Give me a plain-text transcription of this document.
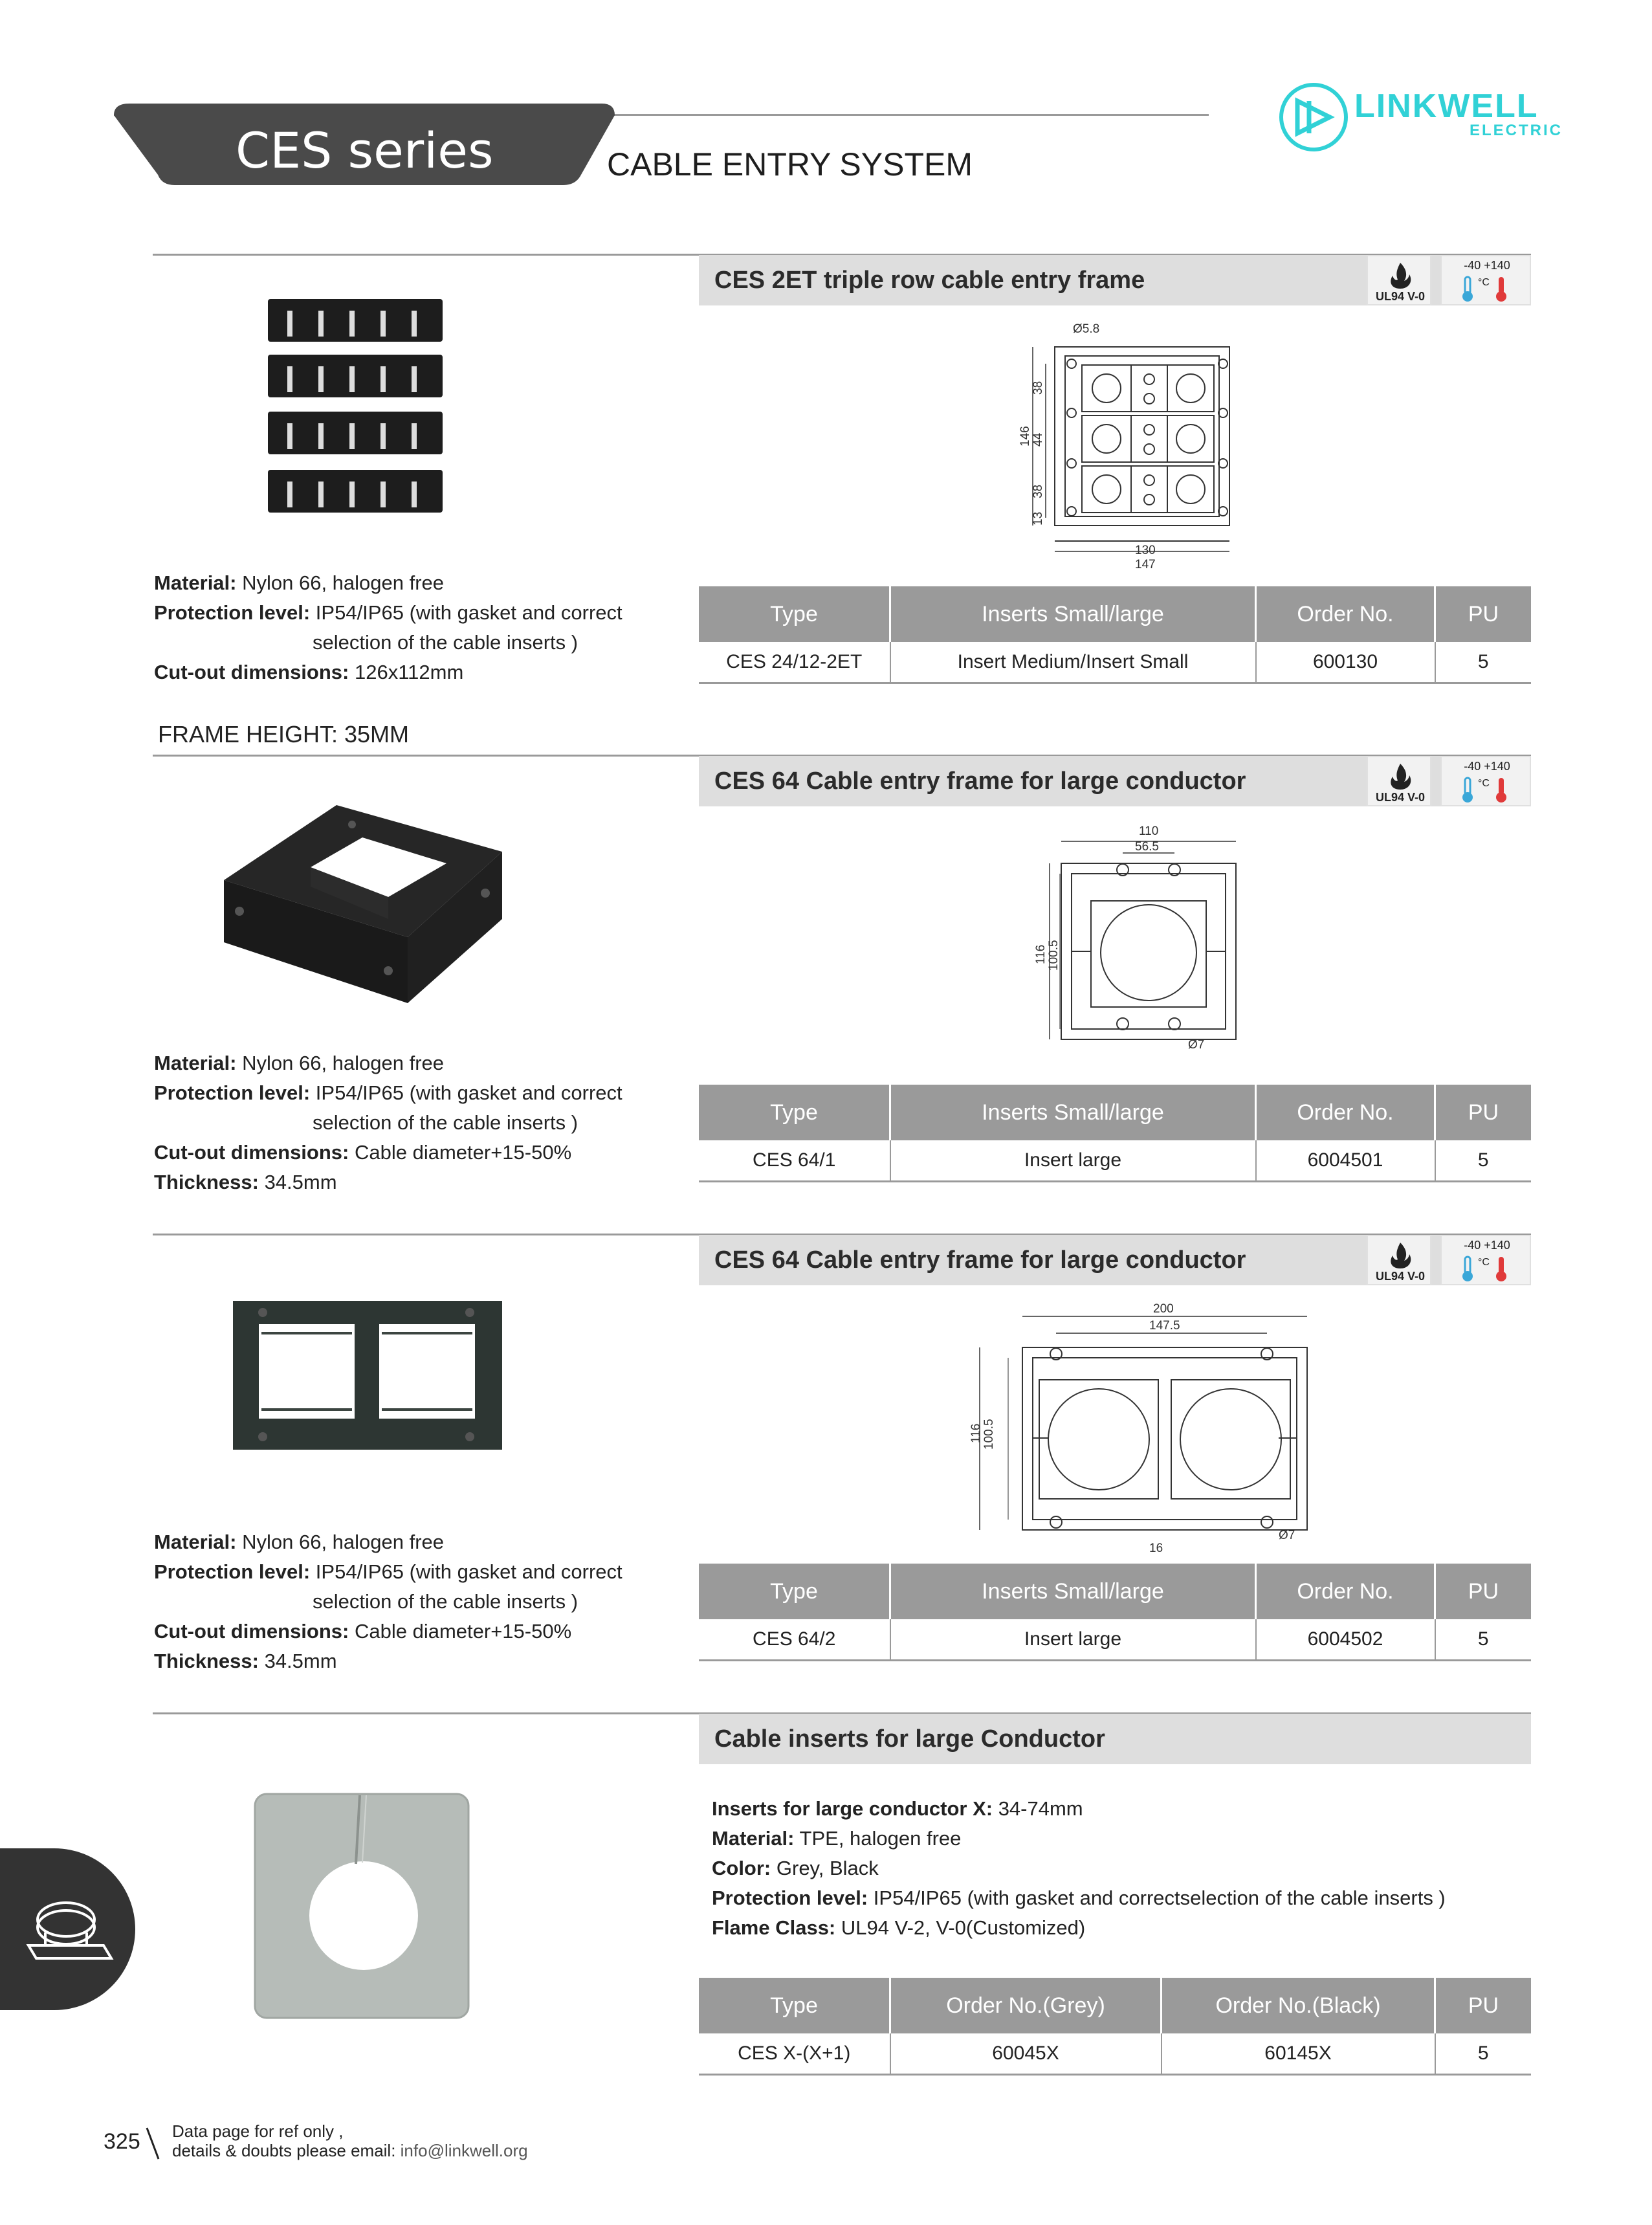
CES series	CABLE ENTRY SYSTEM
LINKWELL
ELECTRIC
CES 2ET triple row cable entry frame
UL94 V-0
-40 +140
°C
Ø5.8
38
44
38
146
13
130
147
Material: Nylon 66, halogen free
Protection level: IP54/IP65 (with gasket and correct
selection of the cable inserts )
Cut-out dimensions: 126x112mm
Type	Inserts Small/large	Order No.	PU
CES 24/12-2ET	Insert Medium/Insert Small	600130	5
FRAME HEIGHT: 35MM
CES 64 Cable entry frame for large conductor
UL94 V-0
-40 +140
°C
110
56.5
116 100.5
Ø7
Material: Nylon 66, halogen free
Protection level: IP54/IP65 (with gasket and correct
selection of the cable inserts )
Cut-out dimensions: Cable diameter+15-50%
Thickness: 34.5mm
Type	Inserts Small/large	Order No.	PU
CES 64/1	Insert large	6004501	5
CES 64 Cable entry frame for large conductor
UL94 V-0
-40 +140
°C
200
147.5
116 100.5
Ø7
16
Material: Nylon 66, halogen free
Protection level: IP54/IP65 (with gasket and correct
selection of the cable inserts )
Cut-out dimensions: Cable diameter+15-50%
Thickness: 34.5mm
Type	Inserts Small/large	Order No.	PU
CES 64/2	Insert large	6004502	5
Cable inserts for large Conductor
Inserts for large conductor X: 34-74mm
Material: TPE, halogen free
Color: Grey, Black
Protection level: IP54/IP65 (with gasket and correctselection of the cable inserts )
Flame Class: UL94 V-2, V-0(Customized)
Type	Order No.(Grey)	Order No.(Black)	PU
CES X-(X+1)	60045X	60145X	5
325 Data page for ref only ,
details & doubts please email: info@linkwell.org
